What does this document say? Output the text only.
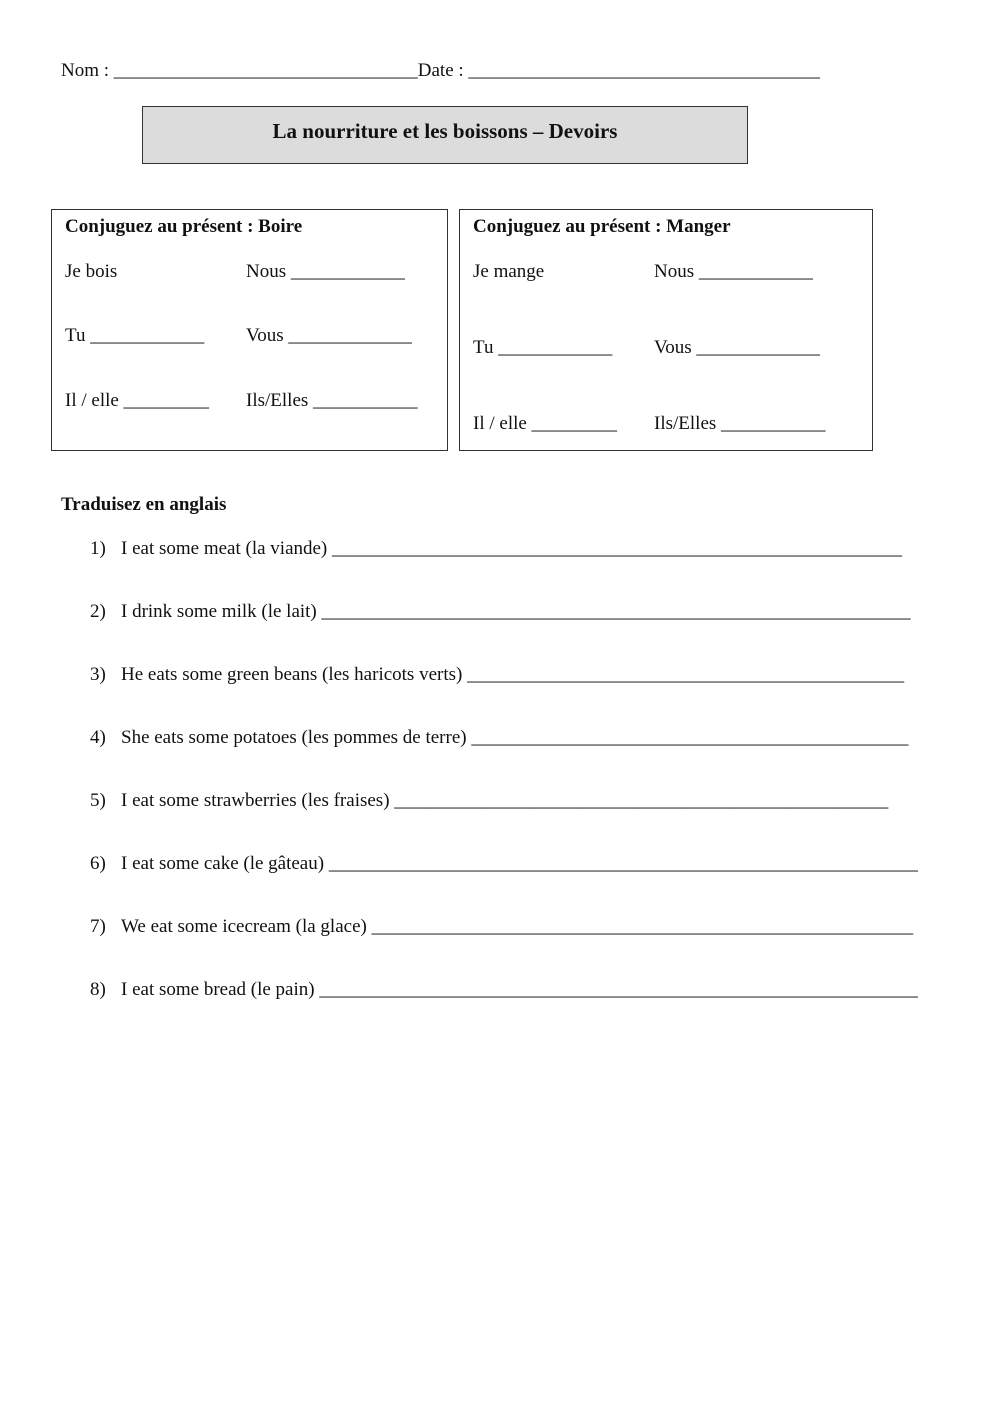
Nom : ________________________________Date : _____________________________________
La nourriture et les boissons – Devoirs
Conjuguez au présent : Boire
Je bois	Nous ____________
Tu ____________ Vous _____________
Il / elle _________ Ils/Elles ___________
Conjuguez au présent : Manger
Je mange	Nous ____________
Tu ____________ Vous _____________
Il / elle _________ Ils/Elles ___________
Traduisez en anglais
1) I eat some meat (la viande) ____________________________________________________________
2) I drink some milk (le lait) ______________________________________________________________
3) He eats some green beans (les haricots verts) ______________________________________________
4) She eats some potatoes (les pommes de terre) ______________________________________________
5) I eat some strawberries (les fraises) ____________________________________________________
6) I eat some cake (le gâteau) ______________________________________________________________
7) We eat some icecream (la glace) _________________________________________________________
8) I eat some bread (le pain) _______________________________________________________________
